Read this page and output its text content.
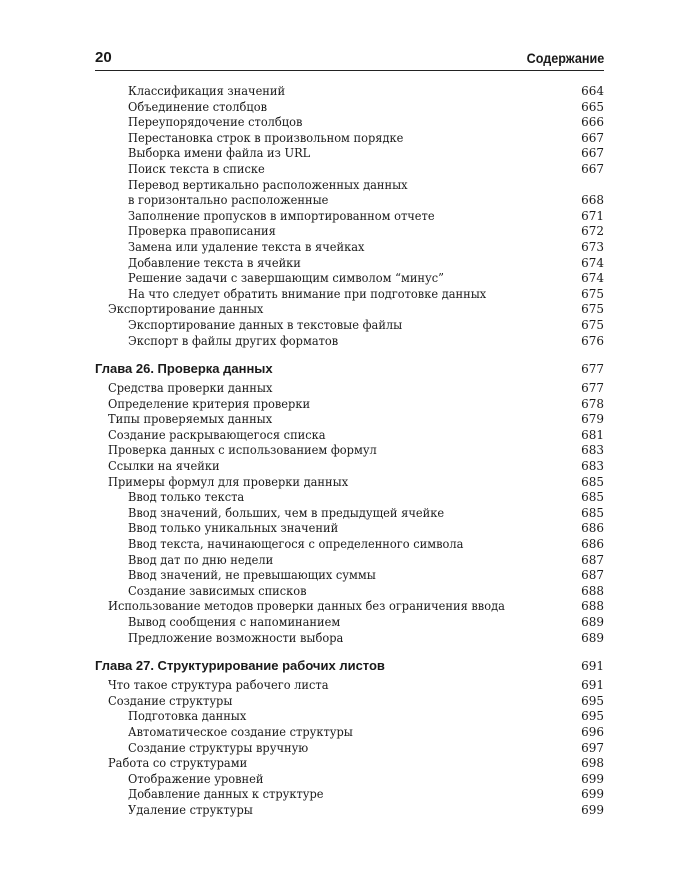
20	Содержание
Классификация значений	664
Объединение столбцов	665
Переупорядочение столбцов	666
Перестановка строк в произвольном порядке	667
Выборка имени файла из URL	667
Поиск текста в списке	667
Перевод вертикально расположенных данных
в горизонтально расположенные	668
Заполнение пропусков в импортированном отчете	671
Проверка правописания	672
Замена или удаление текста в ячейках	673
Добавление текста в ячейки	674
Решение задачи с завершающим символом “минус”	674
На что следует обратить внимание при подготовке данных	675
Экспортирование данных	675
Экспортирование данных в текстовые файлы	675
Экспорт в файлы других форматов	676
Глава 26. Проверка данных	677
Средства проверки данных	677
Определение критерия проверки	678
Типы проверяемых данных	679
Создание раскрывающегося списка	681
Проверка данных с использованием формул	683
Ссылки на ячейки	683
Примеры формул для проверки данных	685
Ввод только текста	685
Ввод значений, больших, чем в предыдущей ячейке	685
Ввод только уникальных значений	686
Ввод текста, начинающегося с определенного символа	686
Ввод дат по дню недели	687
Ввод значений, не превышающих суммы	687
Создание зависимых списков	688
Использование методов проверки данных без ограничения ввода	688
Вывод сообщения с напоминанием	689
Предложение возможности выбора	689
Глава 27. Структурирование рабочих листов	691
Что такое структура рабочего листа	691
Создание структуры	695
Подготовка данных	695
Автоматическое создание структуры	696
Создание структуры вручную	697
Работа со структурами	698
Отображение уровней	699
Добавление данных к структуре	699
Удаление структуры	699
